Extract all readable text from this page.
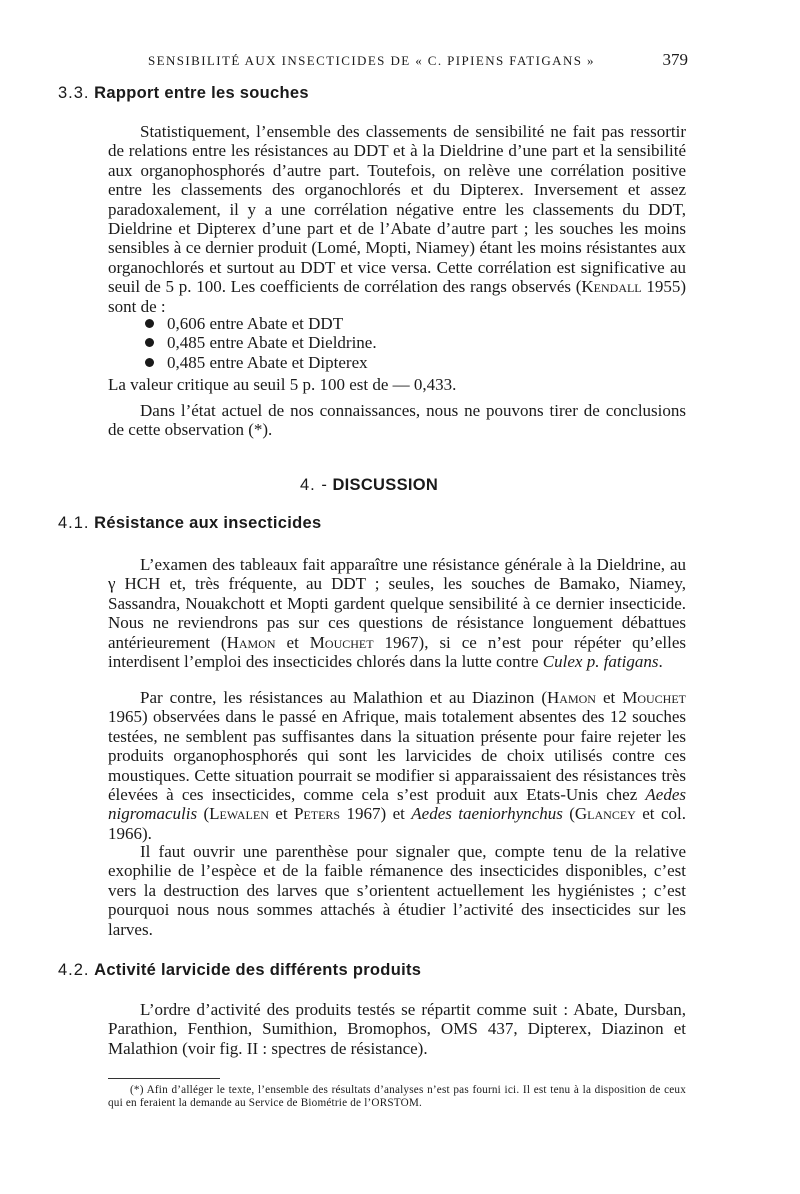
SENSIBILITÉ AUX INSECTICIDES DE « C. PIPIENS FATIGANS »	379
3.3. Rapport entre les souches

Statistiquement, l’ensemble des classements de sensibilité ne fait pas ressortir de relations entre les résistances au DDT et à la Dieldrine d’une part et la sensibilité aux organophosphorés d’autre part. Toutefois, on relève une corrélation positive entre les classements des organochlorés et du Dipterex. Inversement et assez paradoxalement, il y a une corrélation négative entre les classements du DDT, Dieldrine et Dipterex d’une part et de l’Abate d’autre part ; les souches les moins sensibles à ce dernier produit (Lomé, Mopti, Niamey) étant les moins résistantes aux organochlorés et surtout au DDT et vice versa. Cette corrélation est significative au seuil de 5 p. 100. Les coefficients de corrélation des rangs observés (Kendall 1955) sont de :

0,606 entre Abate et DDT
0,485 entre Abate et Dieldrine.
0,485 entre Abate et Dipterex

La valeur critique au seuil 5 p. 100 est de — 0,433.

Dans l’état actuel de nos connaissances, nous ne pouvons tirer de conclusions de cette observation (*).

4. - DISCUSSION
4.1. Résistance aux insecticides

L’examen des tableaux fait apparaître une résistance générale à la Dieldrine, au γ HCH et, très fréquente, au DDT ; seules, les souches de Bamako, Niamey, Sassandra, Nouakchott et Mopti gardent quelque sensibilité à ce dernier insecticide. Nous ne reviendrons pas sur ces questions de résistance longuement débattues antérieurement (Hamon et Mouchet 1967), si ce n’est pour répéter qu’elles interdisent l’emploi des insecticides chlorés dans la lutte contre Culex p. fatigans.

Par contre, les résistances au Malathion et au Diazinon (Hamon et Mouchet 1965) observées dans le passé en Afrique, mais totalement absentes des 12 souches testées, ne semblent pas suffisantes dans la situation présente pour faire rejeter les produits organophosphorés qui sont les larvicides de choix utilisés contre ces moustiques. Cette situation pourrait se modifier si apparaissaient des résistances très élevées à ces insecticides, comme cela s’est produit aux Etats-Unis chez Aedes nigromaculis (Lewalen et Peters 1967) et Aedes taeniorhynchus (Glancey et col. 1966).

Il faut ouvrir une parenthèse pour signaler que, compte tenu de la relative exophilie de l’espèce et de la faible rémanence des insecticides disponibles, c’est vers la destruction des larves que s’orientent actuellement les hygiénistes ; c’est pourquoi nous nous sommes attachés à étudier l’activité des insecticides sur les larves.

4.2. Activité larvicide des différents produits

L’ordre d’activité des produits testés se répartit comme suit : Abate, Dursban, Parathion, Fenthion, Sumithion, Bromophos, OMS 437, Dipterex, Diazinon et Malathion (voir fig. II : spectres de résistance).

(*) Afin d’alléger le texte, l’ensemble des résultats d’analyses n’est pas fourni ici. Il est tenu à la disposition de ceux qui en feraient la demande au Service de Biométrie de l’ORSTOM.
